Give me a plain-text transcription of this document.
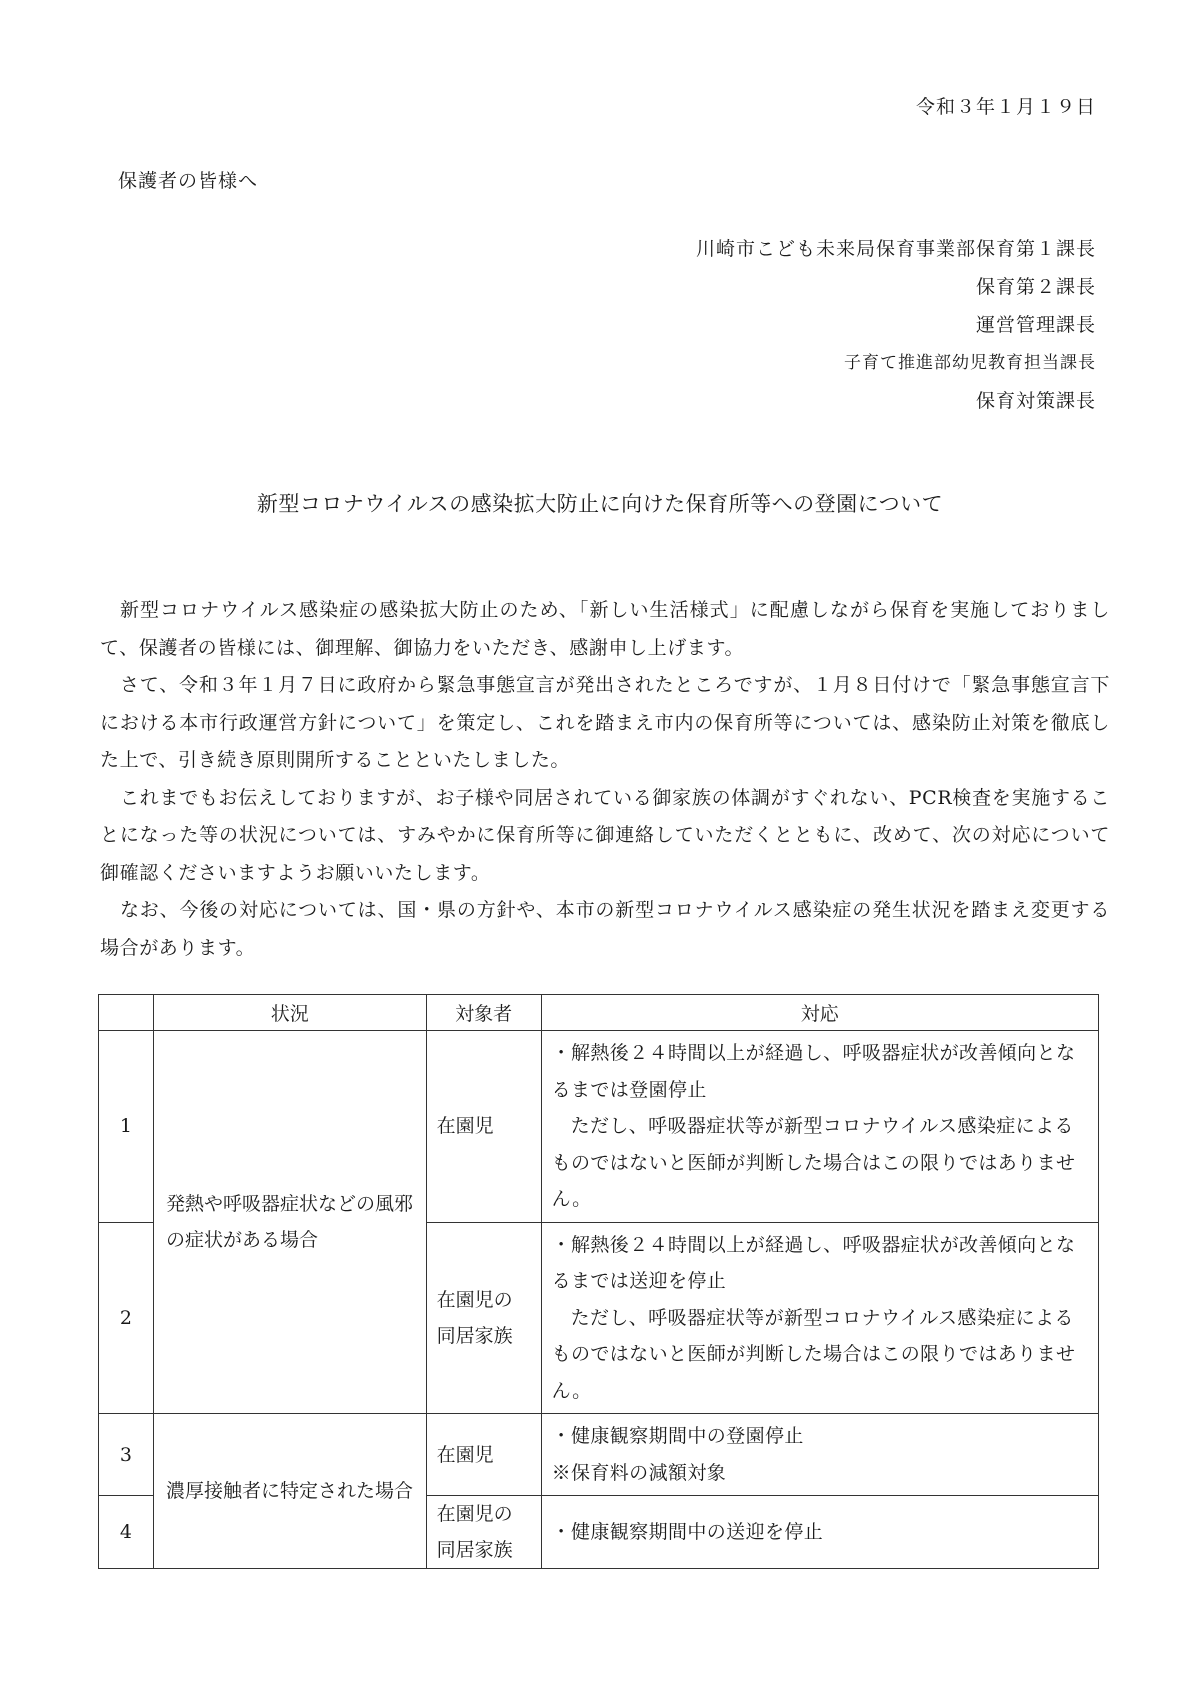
令和３年１月１９日
保護者の皆様へ
川崎市こども未来局保育事業部保育第１課長
保育第２課長
運営管理課長
子育て推進部幼児教育担当課長
保育対策課長
新型コロナウイルスの感染拡大防止に向けた保育所等への登園について

新型コロナウイルス感染症の感染拡大防止のため、「新しい生活様式」に配慮しながら保育を実施しておりまして、保護者の皆様には、御理解、御協力をいただき、感謝申し上げます。

さて、令和３年１月７日に政府から緊急事態宣言が発出されたところですが、１月８日付けで「緊急事態宣言下における本市行政運営方針について」を策定し、これを踏まえ市内の保育所等については、感染防止対策を徹底した上で、引き続き原則開所することといたしました。

これまでもお伝えしておりますが、お子様や同居されている御家族の体調がすぐれない、PCR検査を実施することになった等の状況については、すみやかに保育所等に御連絡していただくとともに、改めて、次の対応について御確認くださいますようお願いいたします。

なお、今後の対応については、国・県の方針や、本市の新型コロナウイルス感染症の発生状況を踏まえ変更する場合があります。

	状況	対象者	対応
1	発熱や呼吸器症状などの風邪の症状がある場合	在園児	・解熱後２４時間以上が経過し、呼吸器症状が改善傾向となるまでは登園停止
ただし、呼吸器症状等が新型コロナウイルス感染症によるものではないと医師が判断した場合はこの限りではありません。

2		在園児の同居家族	・解熱後２４時間以上が経過し、呼吸器症状が改善傾向となるまでは送迎を停止
ただし、呼吸器症状等が新型コロナウイルス感染症によるものではないと医師が判断した場合はこの限りではありません。

3	濃厚接触者に特定された場合	在園児	・健康観察期間中の登園停止
※保育料の減額対象

4		在園児の同居家族	・健康観察期間中の送迎を停止
